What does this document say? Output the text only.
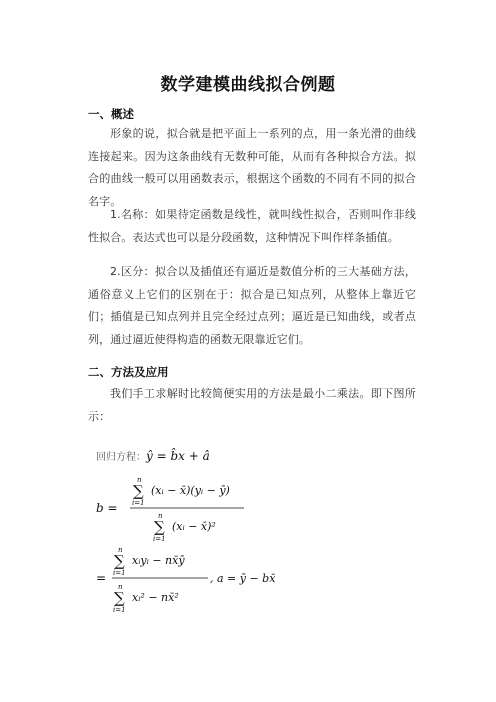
数学建模曲线拟合例题
一、概述
形象的说，拟合就是把平面上一系列的点，用一条光滑的曲线连接起来。因为这条曲线有无数种可能，从而有各种拟合方法。拟合的曲线一般可以用函数表示，根据这个函数的不同有不同的拟合名字。
1.名称：如果待定函数是线性，就叫线性拟合，否则叫作非线性拟合。表达式也可以是分段函数，这种情况下叫作样条插值。
2.区分：拟合以及插值还有逼近是数值分析的三大基础方法，通俗意义上它们的区别在于：拟合是已知点列，从整体上靠近它们；插值是已知点列并且完全经过点列；逼近是已知曲线，或者点列，通过逼近使得构造的函数无限靠近它们。
二、方法及应用
我们手工求解时比较简便实用的方法是最小二乘法。即下图所示：
回归方程： ŷ = b̂x + â
b =
n
∑
i=1
(xᵢ − x̄)(yᵢ − ȳ)
n
∑
i=1
(xᵢ − x̄)²
=
n
∑
i=1
xᵢyᵢ − nx̄ȳ
n
∑
i=1
xᵢ² − nx̄²
, a = ȳ − bx̄
